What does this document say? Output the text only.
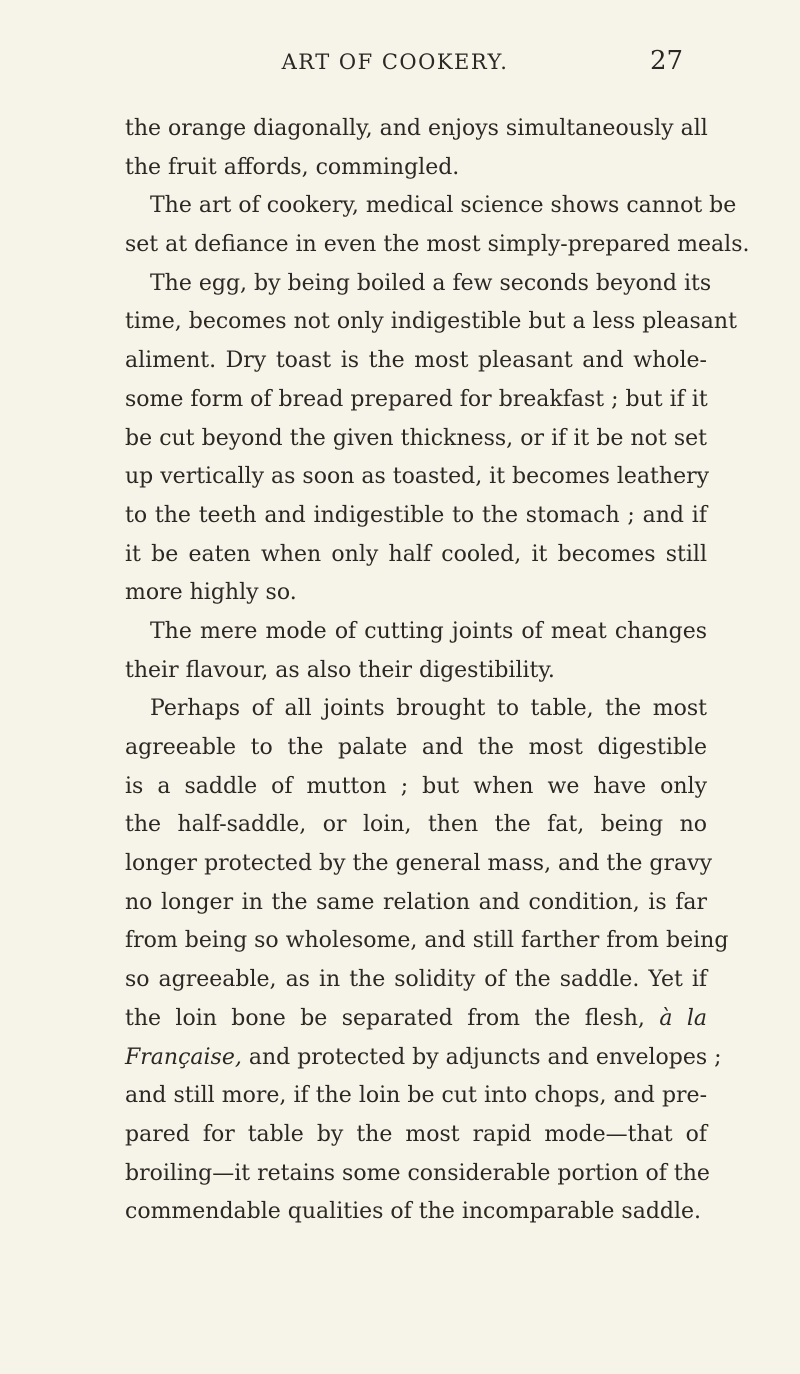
ART OF COOKERY.	27
the orange diagonally, and enjoys simultaneously all
the fruit affords, commingled.
The art of cookery, medical science shows cannot be
set at defiance in even the most simply-prepared meals.
The egg, by being boiled a few seconds beyond its
time, becomes not only indigestible but a less pleasant
aliment. Dry toast is the most pleasant and whole-
some form of bread prepared for breakfast ; but if it
be cut beyond the given thickness, or if it be not set
up vertically as soon as toasted, it becomes leathery
to the teeth and indigestible to the stomach ; and if
it be eaten when only half cooled, it becomes still
more highly so.
The mere mode of cutting joints of meat changes
their flavour, as also their digestibility.
Perhaps of all joints brought to table, the most
agreeable to the palate and the most digestible
is a saddle of mutton ; but when we have only
the half-saddle, or loin, then the fat, being no
longer protected by the general mass, and the gravy
no longer in the same relation and condition, is far
from being so wholesome, and still farther from being
so agreeable, as in the solidity of the saddle. Yet if
the loin bone be separated from the flesh, à la
Française, and protected by adjuncts and envelopes ;
and still more, if the loin be cut into chops, and pre-
pared for table by the most rapid mode—that of
broiling—it retains some considerable portion of the
commendable qualities of the incomparable saddle.
